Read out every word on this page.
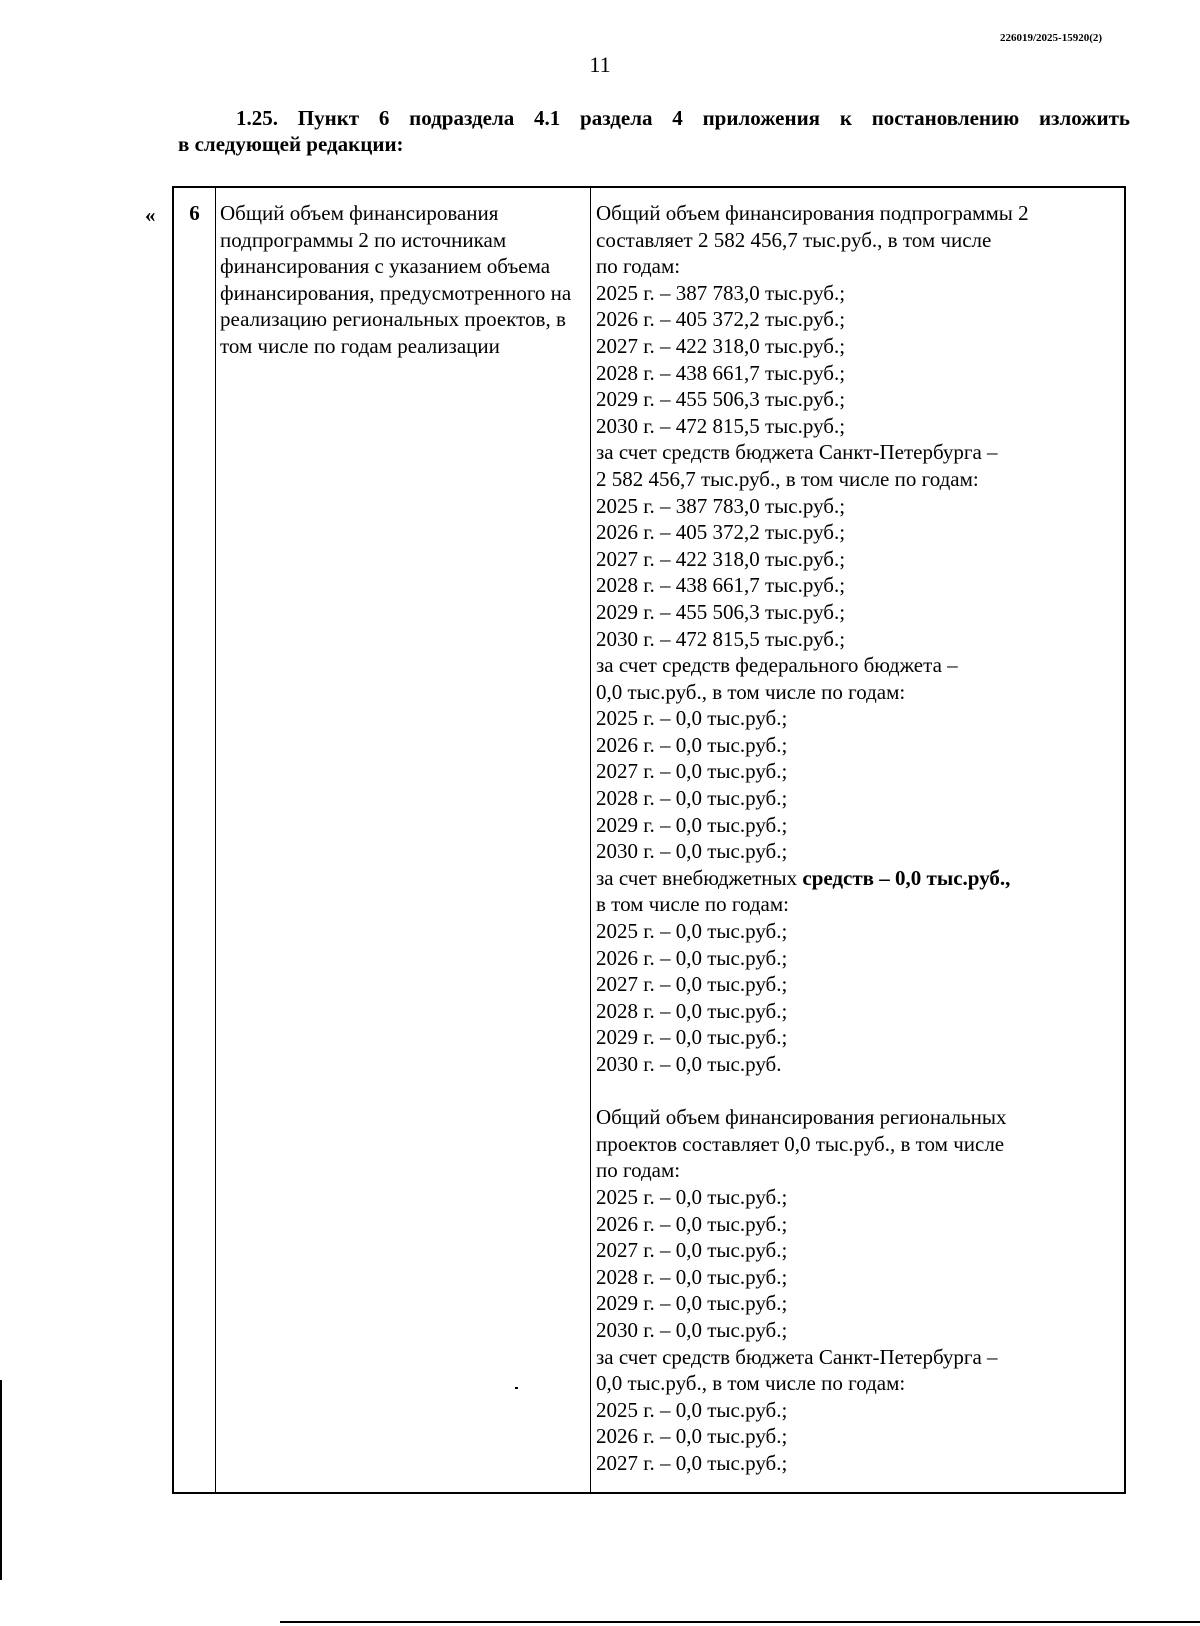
226019/2025-15920(2)
11
1.25. Пункт 6 подраздела 4.1 раздела 4 приложения к постановлению изложить
в следующей редакции:
«	6 Общий объем финансирования подпрограммы 2 по источникам финансирования с указанием объема финансирования, предусмотренного на реализацию региональных проектов, в том числе по годам реализации
Общий объем финансирования подпрограммы 2
составляет 2 582 456,7 тыс.руб., в том числе
по годам:
2025 г. – 387 783,0 тыс.руб.;
2026 г. – 405 372,2 тыс.руб.;
2027 г. – 422 318,0 тыс.руб.;
2028 г. – 438 661,7 тыс.руб.;
2029 г. – 455 506,3 тыс.руб.;
2030 г. – 472 815,5 тыс.руб.;
за счет средств бюджета Санкт-Петербурга –
2 582 456,7 тыс.руб., в том числе по годам:
2025 г. – 387 783,0 тыс.руб.;
2026 г. – 405 372,2 тыс.руб.;
2027 г. – 422 318,0 тыс.руб.;
2028 г. – 438 661,7 тыс.руб.;
2029 г. – 455 506,3 тыс.руб.;
2030 г. – 472 815,5 тыс.руб.;
за счет средств федерального бюджета –
0,0 тыс.руб., в том числе по годам:
2025 г. – 0,0 тыс.руб.;
2026 г. – 0,0 тыс.руб.;
2027 г. – 0,0 тыс.руб.;
2028 г. – 0,0 тыс.руб.;
2029 г. – 0,0 тыс.руб.;
2030 г. – 0,0 тыс.руб.;
за счет внебюджетных средств – 0,0 тыс.руб.,
в том числе по годам:
2025 г. – 0,0 тыс.руб.;
2026 г. – 0,0 тыс.руб.;
2027 г. – 0,0 тыс.руб.;
2028 г. – 0,0 тыс.руб.;
2029 г. – 0,0 тыс.руб.;
2030 г. – 0,0 тыс.руб.
Общий объем финансирования региональных
проектов составляет 0,0 тыс.руб., в том числе
по годам:
2025 г. – 0,0 тыс.руб.;
2026 г. – 0,0 тыс.руб.;
2027 г. – 0,0 тыс.руб.;
2028 г. – 0,0 тыс.руб.;
2029 г. – 0,0 тыс.руб.;
2030 г. – 0,0 тыс.руб.;
за счет средств бюджета Санкт-Петербурга –
0,0 тыс.руб., в том числе по годам:
2025 г. – 0,0 тыс.руб.;
2026 г. – 0,0 тыс.руб.;
2027 г. – 0,0 тыс.руб.;
